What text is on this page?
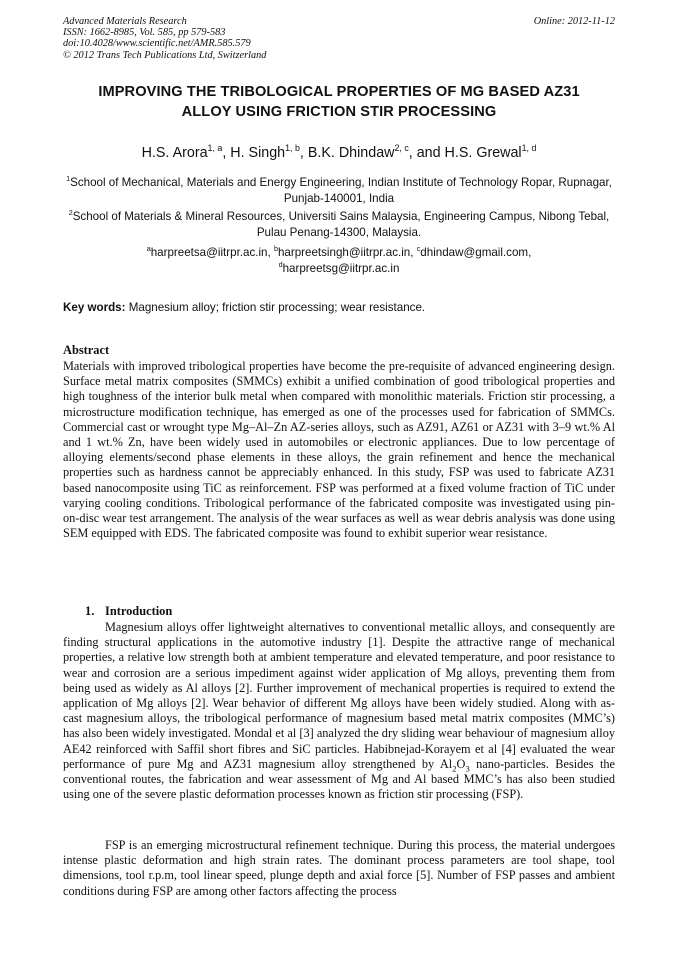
Advanced Materials Research
ISSN: 1662-8985, Vol. 585, pp 579-583
doi:10.4028/www.scientific.net/AMR.585.579
© 2012 Trans Tech Publications Ltd, Switzerland
Online: 2012-11-12
IMPROVING THE TRIBOLOGICAL PROPERTIES OF MG BASED AZ31
ALLOY USING FRICTION STIR PROCESSING
H.S. Arora$^{1, a}$, H. Singh$^{1, b}$, B.K. Dhindaw$^{2, c}$, and H.S. Grewal$^{1, d}$
$^1$School of Mechanical, Materials and Energy Engineering, Indian Institute of Technology Ropar, Rupnagar, Punjab-140001, India
$^2$School of Materials & Mineral Resources, Universiti Sains Malaysia, Engineering Campus, Nibong Tebal, Pulau Penang-14300, Malaysia.
$^a$harpreetsa@iitrpr.ac.in, $^b$harpreetsingh@iitrpr.ac.in, $^c$dhindaw@gmail.com,
$^d$harpreetsg@iitrpr.ac.in
Key words: Magnesium alloy; friction stir processing; wear resistance.
Abstract
Materials with improved tribological properties have become the pre-requisite of advanced engineering design. Surface metal matrix composites (SMMCs) exhibit a unified combination of good tribological properties and high toughness of the interior bulk metal when compared with monolithic materials. Friction stir processing, a microstructure modification technique, has emerged as one of the processes used for fabrication of SMMCs. Commercial cast or wrought type Mg–Al–Zn AZ-series alloys, such as AZ91, AZ61 or AZ31 with 3–9 wt.% Al and 1 wt.% Zn, have been widely used in automobiles or electronic appliances. Due to low percentage of alloying elements/second phase elements in these alloys, the grain refinement and hence the mechanical properties such as hardness cannot be appreciably enhanced. In this study, FSP was used to fabricate AZ31 based nanocomposite using TiC as reinforcement. FSP was performed at a fixed volume fraction of TiC under varying cooling conditions. Tribological performance of the fabricated composite was investigated using pin-on-disc wear test arrangement. The analysis of the wear surfaces as well as wear debris analysis was done using SEM equipped with EDS. The fabricated composite was found to exhibit superior wear resistance.
1. Introduction
Magnesium alloys offer lightweight alternatives to conventional metallic alloys, and consequently are finding structural applications in the automotive industry [1]. Despite the attractive range of mechanical properties, a relative low strength both at ambient temperature and elevated temperature, and poor resistance to wear and corrosion are a serious impediment against wider application of Mg alloys, preventing them from being used as widely as Al alloys [2]. Further improvement of mechanical properties is required to extend the application of Mg alloys [2]. Wear behavior of different Mg alloys have been widely studied. Along with as-cast magnesium alloys, the tribological performance of magnesium based metal matrix composites (MMC’s) has also been widely investigated. Mondal et al [3] analyzed the dry sliding wear behaviour of magnesium alloy AE42 reinforced with Saffil short fibres and SiC particles. Habibnejad-Korayem et al [4] evaluated the wear performance of pure Mg and AZ31 magnesium alloy strengthened by $Al_2O_3$ nano-particles. Besides the conventional routes, the fabrication and wear assessment of Mg and Al based MMC’s has also been studied using one of the severe plastic deformation processes known as friction stir processing (FSP).
FSP is an emerging microstructural refinement technique. During this process, the material undergoes intense plastic deformation and high strain rates. The dominant process parameters are tool shape, tool dimensions, tool r.p.m, tool linear speed, plunge depth and axial force [5]. Number of FSP passes and ambient conditions during FSP are among other factors affecting the process
